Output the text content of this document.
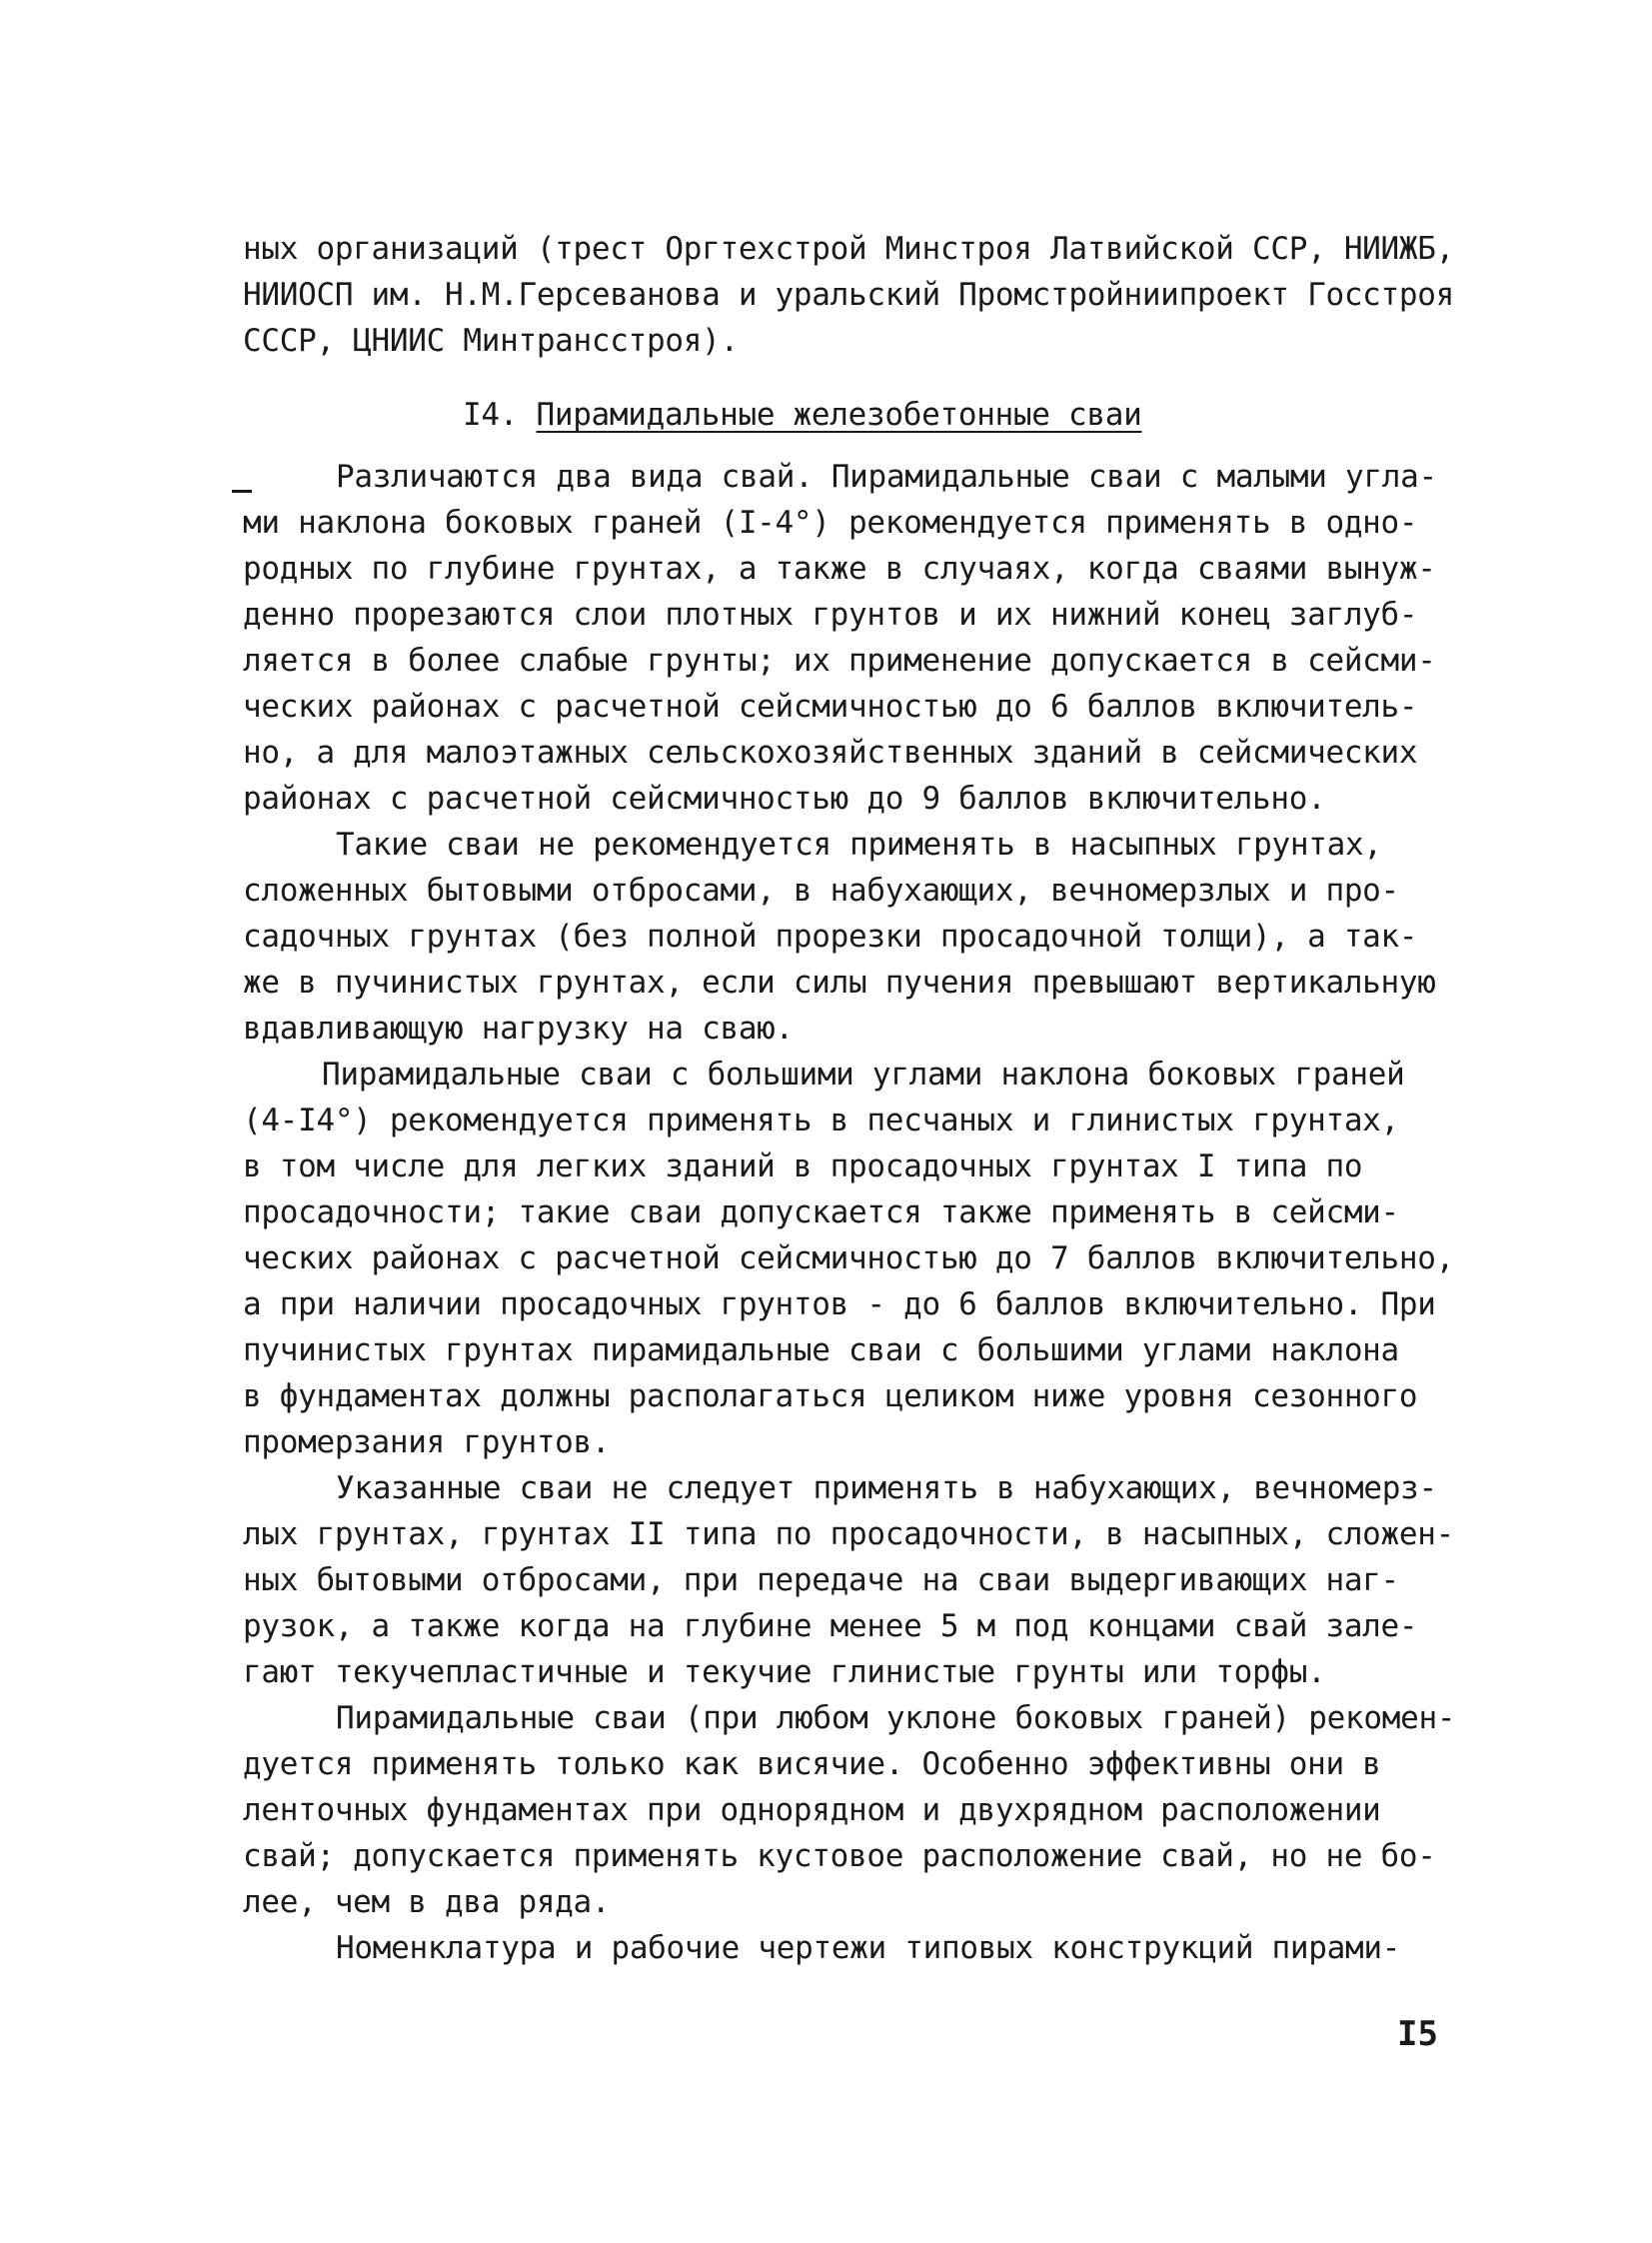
ных организаций (трест Оргтехстрой Минстроя Латвийской ССР, НИИЖБ,
НИИОСП им. Н.М.Герсеванова и уральский Промстройниипроект Госстроя
СССР, ЦНИИС Минтрансстроя).
I4. Пирамидальные железобетонные сваи
Различаются два вида свай. Пирамидальные сваи с малыми угла-
ми наклона боковых граней (I-4°) рекомендуется применять в одно-
родных по глубине грунтах, а также в случаях, когда сваями вынуж-
денно прорезаются слои плотных грунтов и их нижний конец заглуб-
ляется в более слабые грунты; их применение допускается в сейсми-
ческих районах с расчетной сейсмичностью до 6 баллов включитель-
но, а для малоэтажных сельскохозяйственных зданий в сейсмических
районах с расчетной сейсмичностью до 9 баллов включительно.
Такие сваи не рекомендуется применять в насыпных грунтах,
сложенных бытовыми отбросами, в набухающих, вечномерзлых и про-
садочных грунтах (без полной прорезки просадочной толщи), а так-
же в пучинистых грунтах, если силы пучения превышают вертикальную
вдавливающую нагрузку на сваю.
Пирамидальные сваи с большими углами наклона боковых граней
(4-I4°) рекомендуется применять в песчаных и глинистых грунтах,
в том числе для легких зданий в просадочных грунтах I типа по
просадочности; такие сваи допускается также применять в сейсми-
ческих районах с расчетной сейсмичностью до 7 баллов включительно,
а при наличии просадочных грунтов - до 6 баллов включительно. При
пучинистых грунтах пирамидальные сваи с большими углами наклона
в фундаментах должны располагаться целиком ниже уровня сезонного
промерзания грунтов.
Указанные сваи не следует применять в набухающих, вечномерз-
лых грунтах, грунтах II типа по просадочности, в насыпных, сложен-
ных бытовыми отбросами, при передаче на сваи выдергивающих наг-
рузок, а также когда на глубине менее 5 м под концами свай зале-
гают текучепластичные и текучие глинистые грунты или торфы.
Пирамидальные сваи (при любом уклоне боковых граней) рекомен-
дуется применять только как висячие. Особенно эффективны они в
ленточных фундаментах при однорядном и двухрядном расположении
свай; допускается применять кустовое расположение свай, но не бо-
лее, чем в два ряда.
Номенклатура и рабочие чертежи типовых конструкций пирами-
I5
